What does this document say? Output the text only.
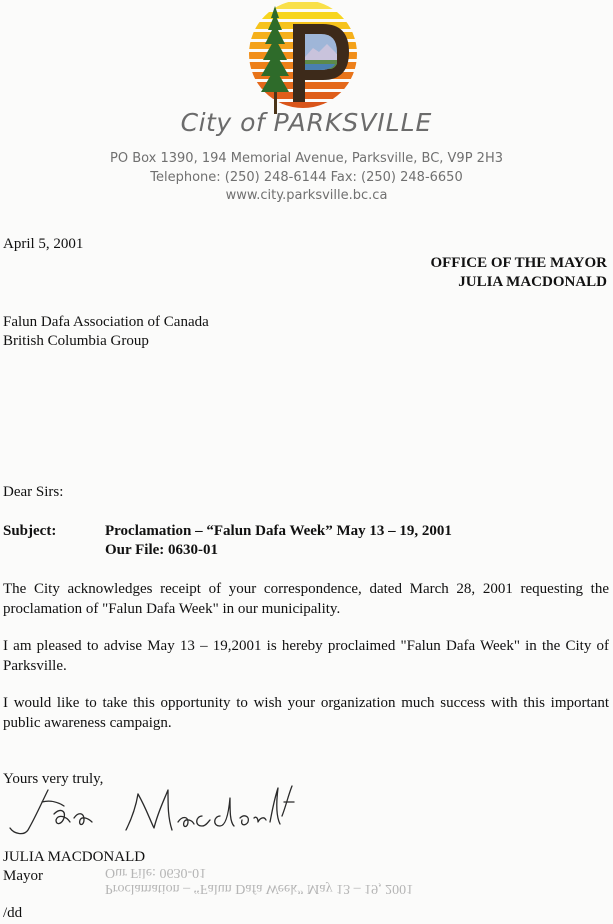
City of PARKSVILLE
PO Box 1390, 194 Memorial Avenue, Parksville, BC, V9P 2H3
Telephone: (250) 248-6144 Fax: (250) 248-6650
www.city.parksville.bc.ca
April 5, 2001
OFFICE OF THE MAYOR
JULIA MACDONALD
Falun Dafa Association of Canada
British Columbia Group
Dear Sirs:
Subject:	Proclamation – “Falun Dafa Week” May 13 – 19, 2001
Our File: 0630-01
The City acknowledges receipt of your correspondence, dated March 28, 2001 requesting the proclamation of "Falun Dafa Week" in our municipality.
I am pleased to advise May 13 – 19,2001 is hereby proclaimed "Falun Dafa Week" in the City of Parksville.
I would like to take this opportunity to wish your organization much success with this important public awareness campaign.
Yours very truly,
JULIA MACDONALD
Mayor
/dd
Our File: 0630-01
Proclamation – “Falun Dafa Week” May 13 – 19, 2001
